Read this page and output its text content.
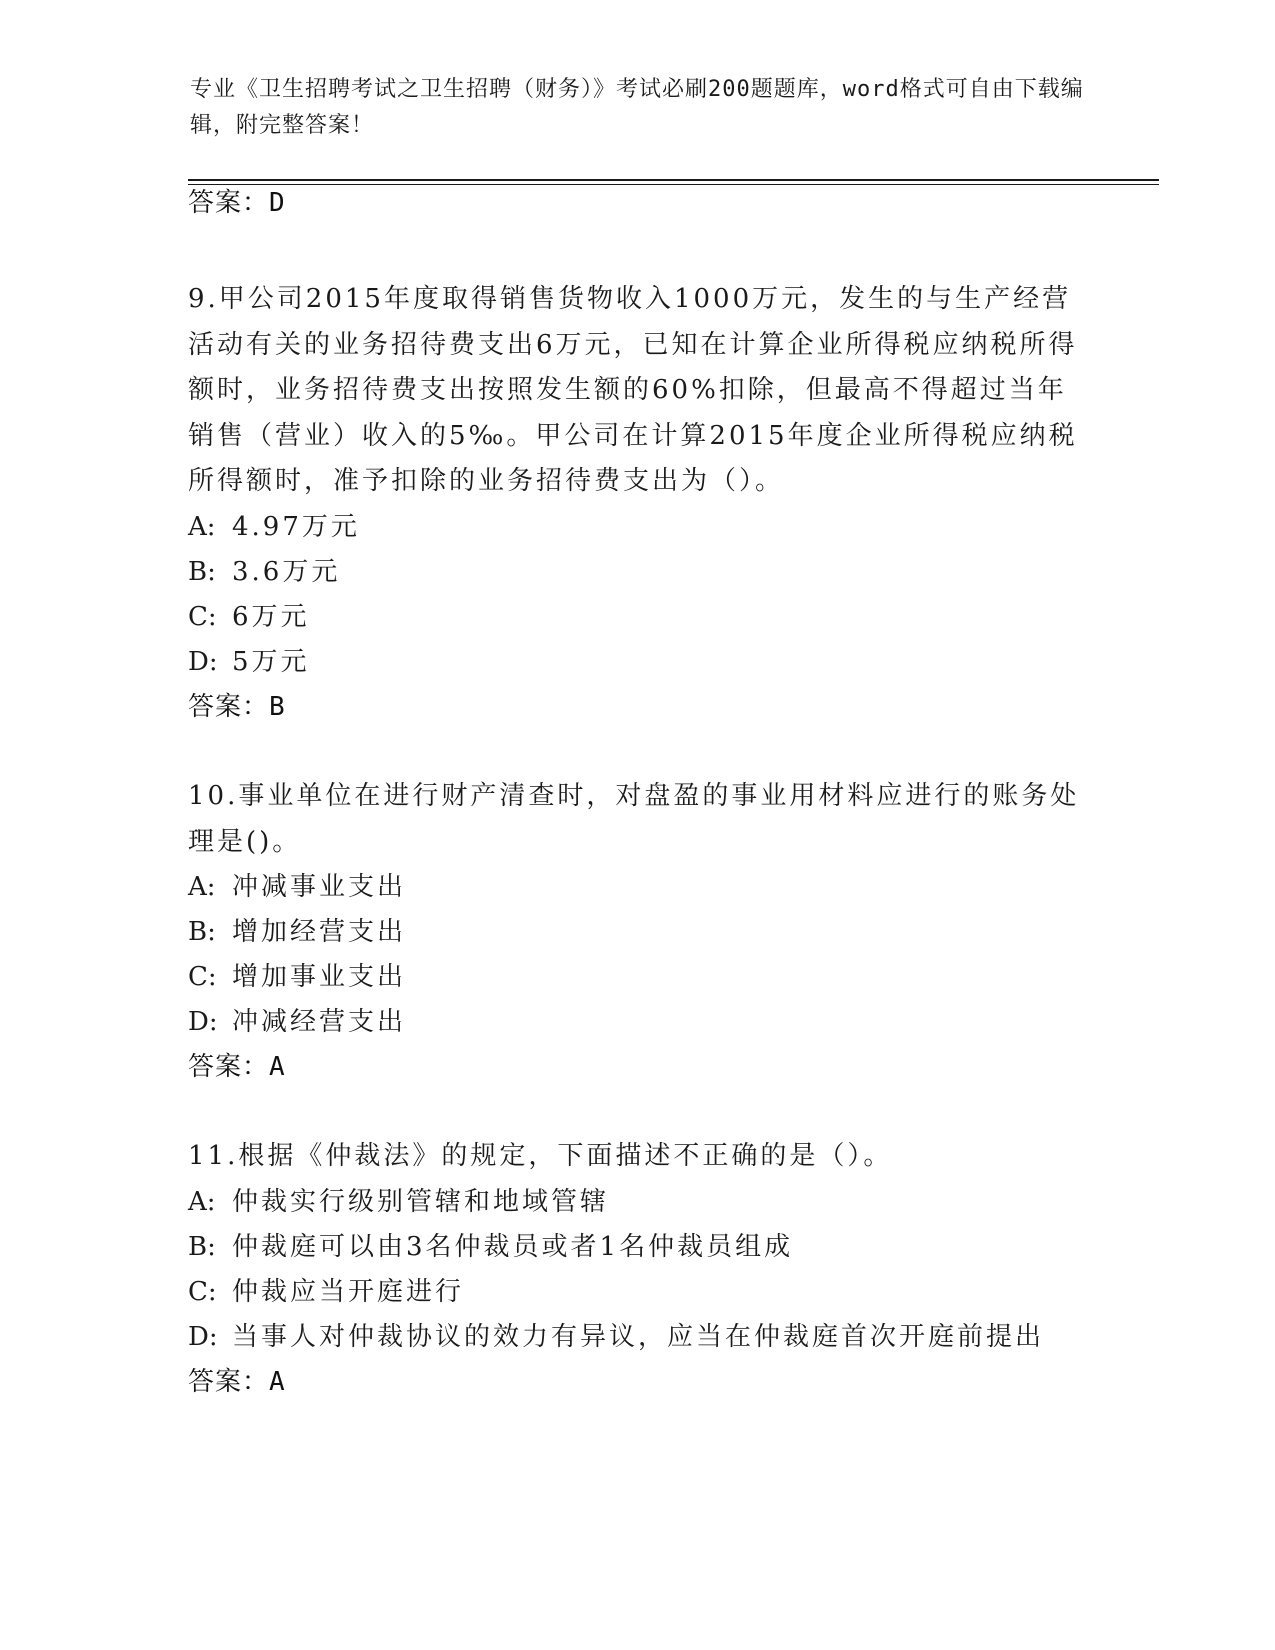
专业《卫生招聘考试之卫生招聘（财务）》考试必刷200题题库，word格式可自由下载编辑，附完整答案！
答案：D
9.甲公司2015年度取得销售货物收入1000万元，发生的与生产经营活动有关的业务招待费支出6万元，已知在计算企业所得税应纳税所得额时，业务招待费支出按照发生额的60%扣除，但最高不得超过当年销售（营业）收入的5‰。甲公司在计算2015年度企业所得税应纳税所得额时，准予扣除的业务招待费支出为（）。
A: 4.97万元
B: 3.6万元
C: 6万元
D: 5万元
答案：B
10.事业单位在进行财产清查时，对盘盈的事业用材料应进行的账务处理是()。
A: 冲减事业支出
B: 增加经营支出
C: 增加事业支出
D: 冲减经营支出
答案：A
11.根据《仲裁法》的规定，下面描述不正确的是（）。
A: 仲裁实行级别管辖和地域管辖
B: 仲裁庭可以由3名仲裁员或者1名仲裁员组成
C: 仲裁应当开庭进行
D: 当事人对仲裁协议的效力有异议，应当在仲裁庭首次开庭前提出
答案：A
